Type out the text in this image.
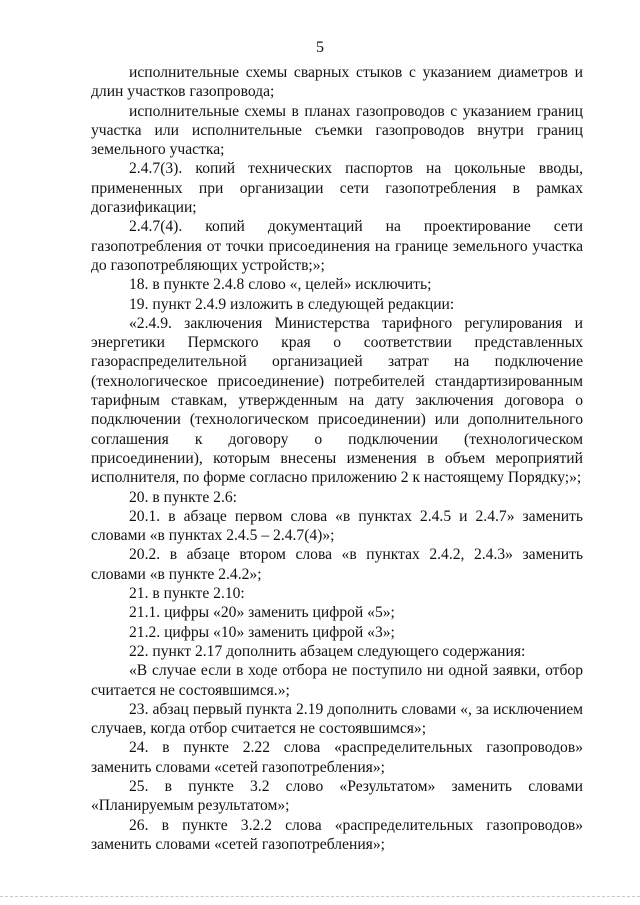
5

исполнительные схемы сварных стыков с указанием диаметров и длин участков газопровода;

исполнительные схемы в планах газопроводов с указанием границ участка или исполнительные съемки газопроводов внутри границ земельного участка;

2.4.7(3). копий технических паспортов на цокольные вводы, примененных при организации сети газопотребления в рамках догазификации;

2.4.7(4). копий документаций на проектирование сети газопотребления от точки присоединения на границе земельного участка до газопотребляющих устройств;»;

18. в пункте 2.4.8 слово «, целей» исключить;

19. пункт 2.4.9 изложить в следующей редакции:

«2.4.9. заключения Министерства тарифного регулирования и энергетики Пермского края о соответствии представленных газораспределительной организацией затрат на подключение (технологическое присоединение) потребителей стандартизированным тарифным ставкам, утвержденным на дату заключения договора о подключении (технологическом присоединении) или дополнительного соглашения к договору о подключении (технологическом присоединении), которым внесены изменения в объем мероприятий исполнителя, по форме согласно приложению 2 к настоящему Порядку;»;

20. в пункте 2.6:

20.1. в абзаце первом слова «в пунктах 2.4.5 и 2.4.7» заменить словами «в пунктах 2.4.5 – 2.4.7(4)»;

20.2. в абзаце втором слова «в пунктах 2.4.2, 2.4.3» заменить словами «в пункте 2.4.2»;

21. в пункте 2.10:

21.1. цифры «20» заменить цифрой «5»;

21.2. цифры «10» заменить цифрой «3»;

22. пункт 2.17 дополнить абзацем следующего содержания:

«В случае если в ходе отбора не поступило ни одной заявки, отбор считается не состоявшимся.»;

23. абзац первый пункта 2.19 дополнить словами «, за исключением случаев, когда отбор считается не состоявшимся»;

24. в пункте 2.22 слова «распределительных газопроводов» заменить словами «сетей газопотребления»;

25. в пункте 3.2 слово «Результатом» заменить словами «Планируемым результатом»;

26. в пункте 3.2.2 слова «распределительных газопроводов» заменить словами «сетей газопотребления»;
